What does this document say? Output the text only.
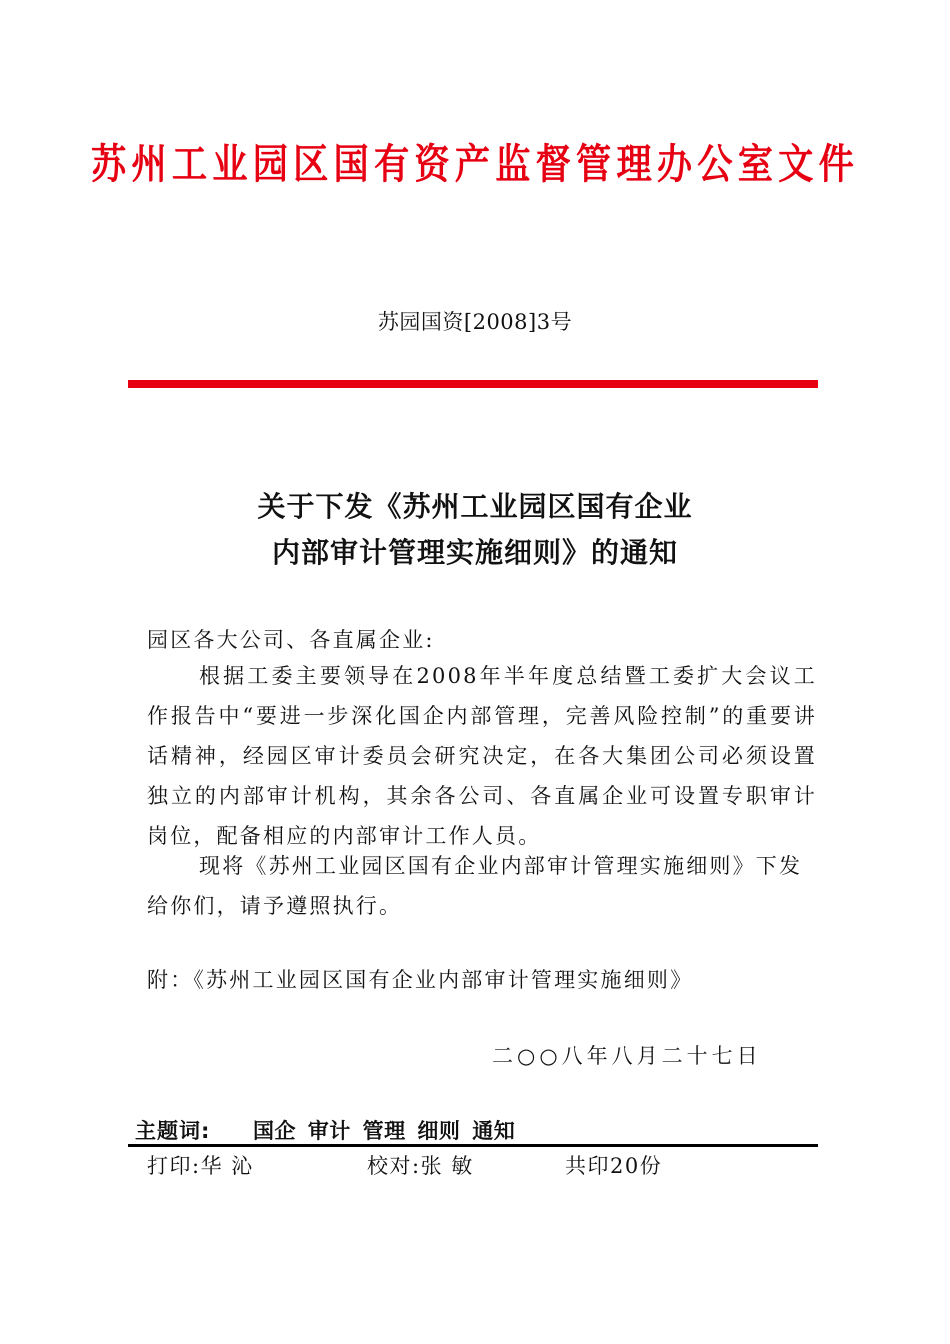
苏州工业园区国有资产监督管理办公室文件
苏园国资[2008]3号
关于下发《苏州工业园区国有企业
内部审计管理实施细则》的通知
园区各大公司、各直属企业:
根据工委主要领导在2008年半年度总结暨工委扩大会议工作报告中“要进一步深化国企内部管理，完善风险控制”的重要讲话精神，经园区审计委员会研究决定，在各大集团公司必须设置独立的内部审计机构，其余各公司、各直属企业可设置专职审计岗位，配备相应的内部审计工作人员。
现将《苏州工业园区国有企业内部审计管理实施细则》下发给你们，请予遵照执行。
附：《苏州工业园区国有企业内部审计管理实施细则》
二○○八年八月二十七日
主题词: 国企 审计 管理 细则 通知
打印:华 沁	校对:张 敏	共印20份
